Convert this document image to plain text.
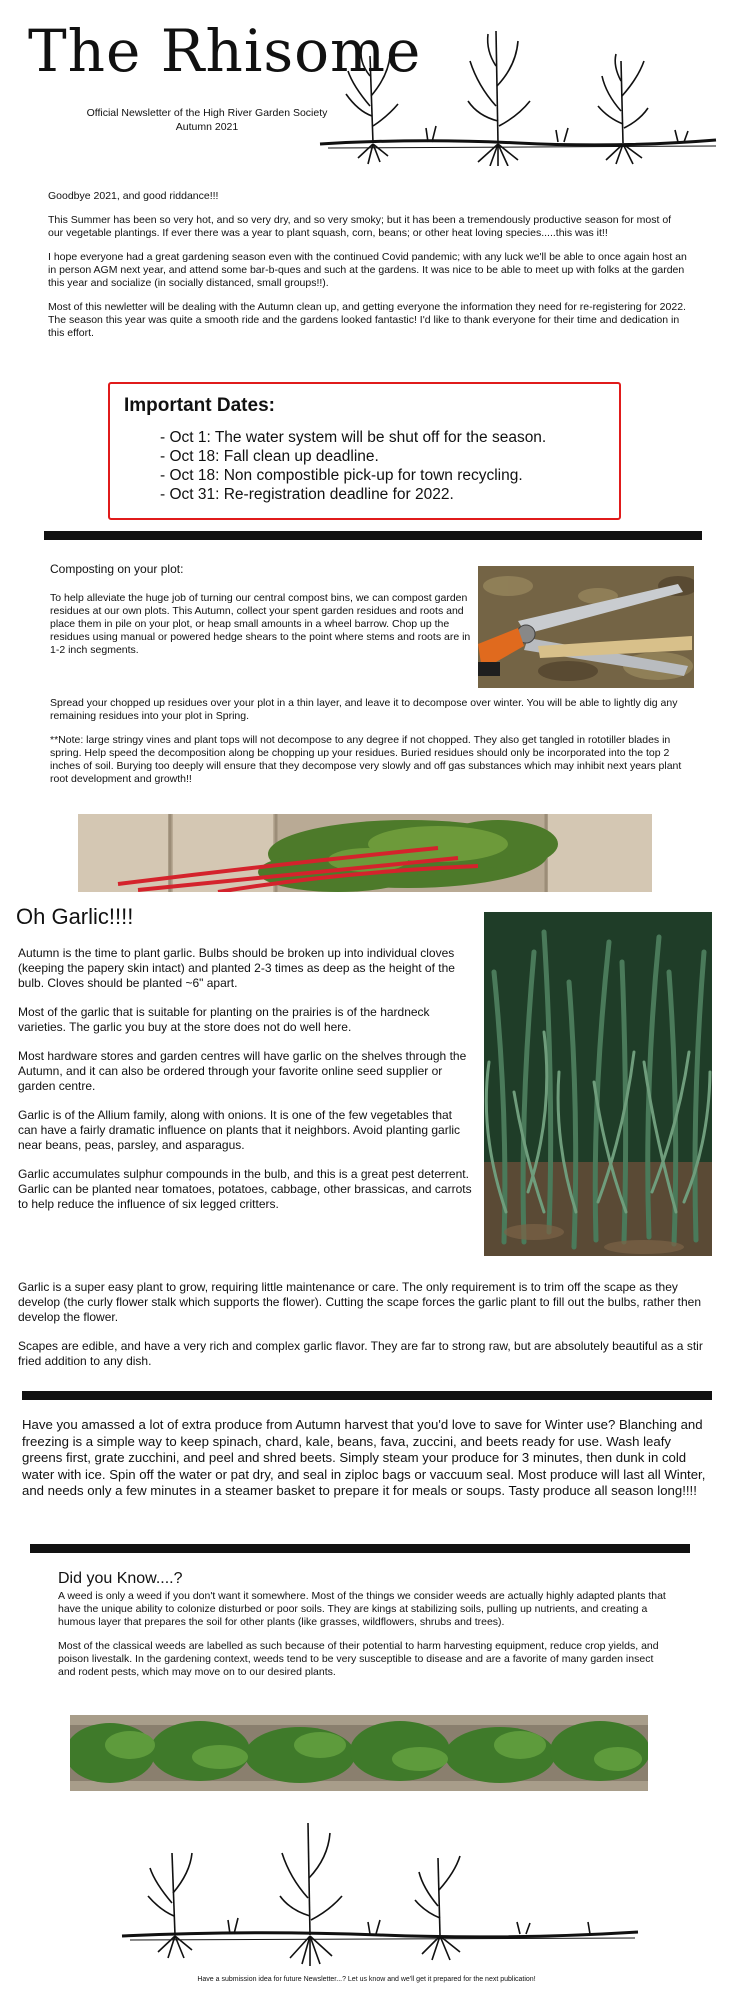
The Rhisome
Official Newsletter of the High River Garden Society
Autumn 2021

Goodbye 2021, and good riddance!!!

This Summer has been so very hot, and so very dry, and so very smoky; but it has been a tremendously productive season for most of our vegetable plantings. If ever there was a year to plant squash, corn, beans; or other heat loving species.....this was it!!

I hope everyone had a great gardening season even with the continued Covid pandemic; with any luck we'll be able to once again host an in person AGM next year, and attend some bar-b-ques and such at the gardens. It was nice to be able to meet up with folks at the garden this year and socialize (in socially distanced, small groups!!).

Most of this newletter will be dealing with the Autumn clean up, and getting everyone the information they need for re-registering for 2022. The season this year was quite a smooth ride and the gardens looked fantastic! I'd like to thank everyone for their time and dedication in this effort.

Important Dates:
- Oct 1: The water system will be shut off for the season.
- Oct 18: Fall clean up deadline.
- Oct 18: Non compostible pick-up for town recycling.
- Oct 31: Re-registration deadline for 2022.
Composting on your plot:
To help alleviate the huge job of turning our central compost bins, we can compost garden residues at our own plots. This Autumn, collect your spent garden residues and roots and place them in pile on your plot, or heap small amounts in a wheel barrow. Chop up the residues using manual or powered hedge shears to the point where stems and roots are in 1-2 inch segments.

Spread your chopped up residues over your plot in a thin layer, and leave it to decompose over winter. You will be able to lightly dig any remaining residues into your plot in Spring.

**Note: large stringy vines and plant tops will not decompose to any degree if not chopped. They also get tangled in rototiller blades in spring. Help speed the decomposition along be chopping up your residues. Buried residues should only be incorporated into the top 2 inches of soil. Burying too deeply will ensure that they decompose very slowly and off gas substances which may inhibit next years plant root development and growth!!

Oh Garlic!!!!

Autumn is the time to plant garlic. Bulbs should be broken up into individual cloves (keeping the papery skin intact) and planted 2-3 times as deep as the height of the bulb. Cloves should be planted ~6" apart.

Most of the garlic that is suitable for planting on the prairies is of the hardneck varieties. The garlic you buy at the store does not do well here.

Most hardware stores and garden centres will have garlic on the shelves through the Autumn, and it can also be ordered through your favorite online seed supplier or garden centre.

Garlic is of the Allium family, along with onions. It is one of the few vegetables that can have a fairly dramatic influence on plants that it neighbors. Avoid planting garlic near beans, peas, parsley, and asparagus.

Garlic accumulates sulphur compounds in the bulb, and this is a great pest deterrent. Garlic can be planted near tomatoes, potatoes, cabbage, other brassicas, and carrots to help reduce the influence of six legged critters.

Garlic is a super easy plant to grow, requiring little maintenance or care. The only requirement is to trim off the scape as they develop (the curly flower stalk which supports the flower). Cutting the scape forces the garlic plant to fill out the bulbs, rather then develop the flower.

Scapes are edible, and have a very rich and complex garlic flavor. They are far to strong raw, but are absolutely beautiful as a stir fried addition to any dish.

Have you amassed a lot of extra produce from Autumn harvest that you'd love to save for Winter use? Blanching and freezing is a simple way to keep spinach, chard, kale, beans, fava, zuccini, and beets ready for use. Wash leafy greens first, grate zucchini, and peel and shred beets. Simply steam your produce for 3 minutes, then dunk in cold water with ice. Spin off the water or pat dry, and seal in ziploc bags or vaccuum seal. Most produce will last all Winter, and needs only a few minutes in a steamer basket to prepare it for meals or soups. Tasty produce all season long!!!!
Did you Know....?

A weed is only a weed if you don't want it somewhere. Most of the things we consider weeds are actually highly adapted plants that have the unique ability to colonize disturbed or poor soils. They are kings at stabilizing soils, pulling up nutrients, and creating a humous layer that prepares the soil for other plants (like grasses, wildflowers, shrubs and trees).

Most of the classical weeds are labelled as such because of their potential to harm harvesting equipment, reduce crop yields, and poison livestalk. In the gardening context, weeds tend to be very susceptible to disease and are a favorite of many garden insect and rodent pests, which may move on to our desired plants.

Have a submission idea for future Newsletter...? Let us know and we'll get it prepared for the next publication!
